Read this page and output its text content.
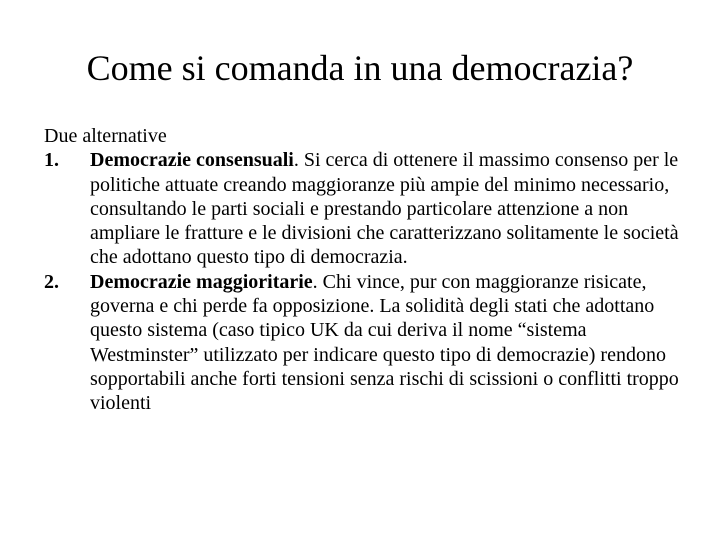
Come si comanda in una democrazia?

Due alternative

1.	Democrazie consensuali. Si cerca di ottenere il massimo consenso per le politiche attuate creando maggioranze più ampie del minimo necessario, consultando le parti sociali e prestando particolare attenzione a non ampliare le fratture e le divisioni che caratterizzano solitamente le società che adottano questo tipo di democrazia.

2.	Democrazie maggioritarie. Chi vince, pur con maggioranze risicate, governa e chi perde fa opposizione. La solidità degli stati che adottano questo sistema (caso tipico UK da cui deriva il nome “sistema Westminster” utilizzato per indicare questo tipo di democrazie) rendono sopportabili anche forti tensioni senza rischi di scissioni o conflitti troppo violenti
